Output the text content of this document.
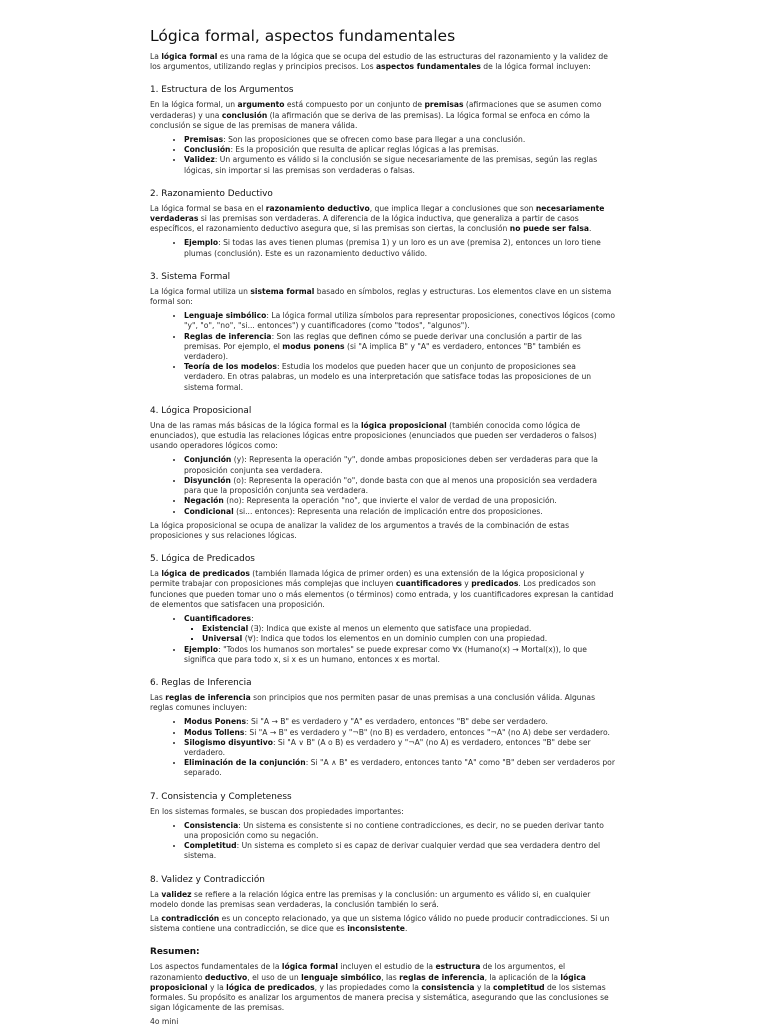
Lógica formal, aspectos fundamentales

La lógica formal es una rama de la lógica que se ocupa del estudio de las estructuras del razonamiento y la validez de los argumentos, utilizando reglas y principios precisos. Los aspectos fundamentales de la lógica formal incluyen:

1. Estructura de los Argumentos

En la lógica formal, un argumento está compuesto por un conjunto de premisas (afirmaciones que se asumen como verdaderas) y una conclusión (la afirmación que se deriva de las premisas). La lógica formal se enfoca en cómo la conclusión se sigue de las premisas de manera válida.

• Premisas: Son las proposiciones que se ofrecen como base para llegar a una conclusión.
• Conclusión: Es la proposición que resulta de aplicar reglas lógicas a las premisas.
• Validez: Un argumento es válido si la conclusión se sigue necesariamente de las premisas, según las reglas lógicas, sin importar si las premisas son verdaderas o falsas.
2. Razonamiento Deductivo

La lógica formal se basa en el razonamiento deductivo, que implica llegar a conclusiones que son necesariamente verdaderas si las premisas son verdaderas. A diferencia de la lógica inductiva, que generaliza a partir de casos específicos, el razonamiento deductivo asegura que, si las premisas son ciertas, la conclusión no puede ser falsa.

• Ejemplo: Si todas las aves tienen plumas (premisa 1) y un loro es un ave (premisa 2), entonces un loro tiene plumas (conclusión). Este es un razonamiento deductivo válido.
3. Sistema Formal

La lógica formal utiliza un sistema formal basado en símbolos, reglas y estructuras. Los elementos clave en un sistema formal son:

• Lenguaje simbólico: La lógica formal utiliza símbolos para representar proposiciones, conectivos lógicos (como "y", "o", "no", "si... entonces") y cuantificadores (como "todos", "algunos").
• Reglas de inferencia: Son las reglas que definen cómo se puede derivar una conclusión a partir de las premisas. Por ejemplo, el modus ponens (si "A implica B" y "A" es verdadero, entonces "B" también es verdadero).
• Teoría de los modelos: Estudia los modelos que pueden hacer que un conjunto de proposiciones sea verdadero. En otras palabras, un modelo es una interpretación que satisface todas las proposiciones de un sistema formal.
4. Lógica Proposicional

Una de las ramas más básicas de la lógica formal es la lógica proposicional (también conocida como lógica de enunciados), que estudia las relaciones lógicas entre proposiciones (enunciados que pueden ser verdaderos o falsos) usando operadores lógicos como:

• Conjunción (y): Representa la operación "y", donde ambas proposiciones deben ser verdaderas para que la proposición conjunta sea verdadera.
• Disyunción (o): Representa la operación "o", donde basta con que al menos una proposición sea verdadera para que la proposición conjunta sea verdadera.
• Negación (no): Representa la operación "no", que invierte el valor de verdad de una proposición.
• Condicional (si... entonces): Representa una relación de implicación entre dos proposiciones.

La lógica proposicional se ocupa de analizar la validez de los argumentos a través de la combinación de estas proposiciones y sus relaciones lógicas.

5. Lógica de Predicados

La lógica de predicados (también llamada lógica de primer orden) es una extensión de la lógica proposicional y permite trabajar con proposiciones más complejas que incluyen cuantificadores y predicados. Los predicados son funciones que pueden tomar uno o más elementos (o términos) como entrada, y los cuantificadores expresan la cantidad de elementos que satisfacen una proposición.

• Cuantificadores:
▪ Existencial (∃): Indica que existe al menos un elemento que satisface una propiedad.
▪ Universal (∀): Indica que todos los elementos en un dominio cumplen con una propiedad.
• Ejemplo: "Todos los humanos son mortales" se puede expresar como ∀x (Humano(x) → Mortal(x)), lo que significa que para todo x, si x es un humano, entonces x es mortal.
6. Reglas de Inferencia

Las reglas de inferencia son principios que nos permiten pasar de unas premisas a una conclusión válida. Algunas reglas comunes incluyen:

• Modus Ponens: Si "A → B" es verdadero y "A" es verdadero, entonces "B" debe ser verdadero.
• Modus Tollens: Si "A → B" es verdadero y "¬B" (no B) es verdadero, entonces "¬A" (no A) debe ser verdadero.
• Silogismo disyuntivo: Si "A ∨ B" (A o B) es verdadero y "¬A" (no A) es verdadero, entonces "B" debe ser verdadero.
• Eliminación de la conjunción: Si "A ∧ B" es verdadero, entonces tanto "A" como "B" deben ser verdaderos por separado.
7. Consistencia y Completeness

En los sistemas formales, se buscan dos propiedades importantes:

• Consistencia: Un sistema es consistente si no contiene contradicciones, es decir, no se pueden derivar tanto una proposición como su negación.
• Completitud: Un sistema es completo si es capaz de derivar cualquier verdad que sea verdadera dentro del sistema.
8. Validez y Contradicción

La validez se refiere a la relación lógica entre las premisas y la conclusión: un argumento es válido si, en cualquier modelo donde las premisas sean verdaderas, la conclusión también lo será.

La contradicción es un concepto relacionado, ya que un sistema lógico válido no puede producir contradicciones. Si un sistema contiene una contradicción, se dice que es inconsistente.

Resumen:

Los aspectos fundamentales de la lógica formal incluyen el estudio de la estructura de los argumentos, el razonamiento deductivo, el uso de un lenguaje simbólico, las reglas de inferencia, la aplicación de la lógica proposicional y la lógica de predicados, y las propiedades como la consistencia y la completitud de los sistemas formales. Su propósito es analizar los argumentos de manera precisa y sistemática, asegurando que las conclusiones se sigan lógicamente de las premisas.

4o mini
